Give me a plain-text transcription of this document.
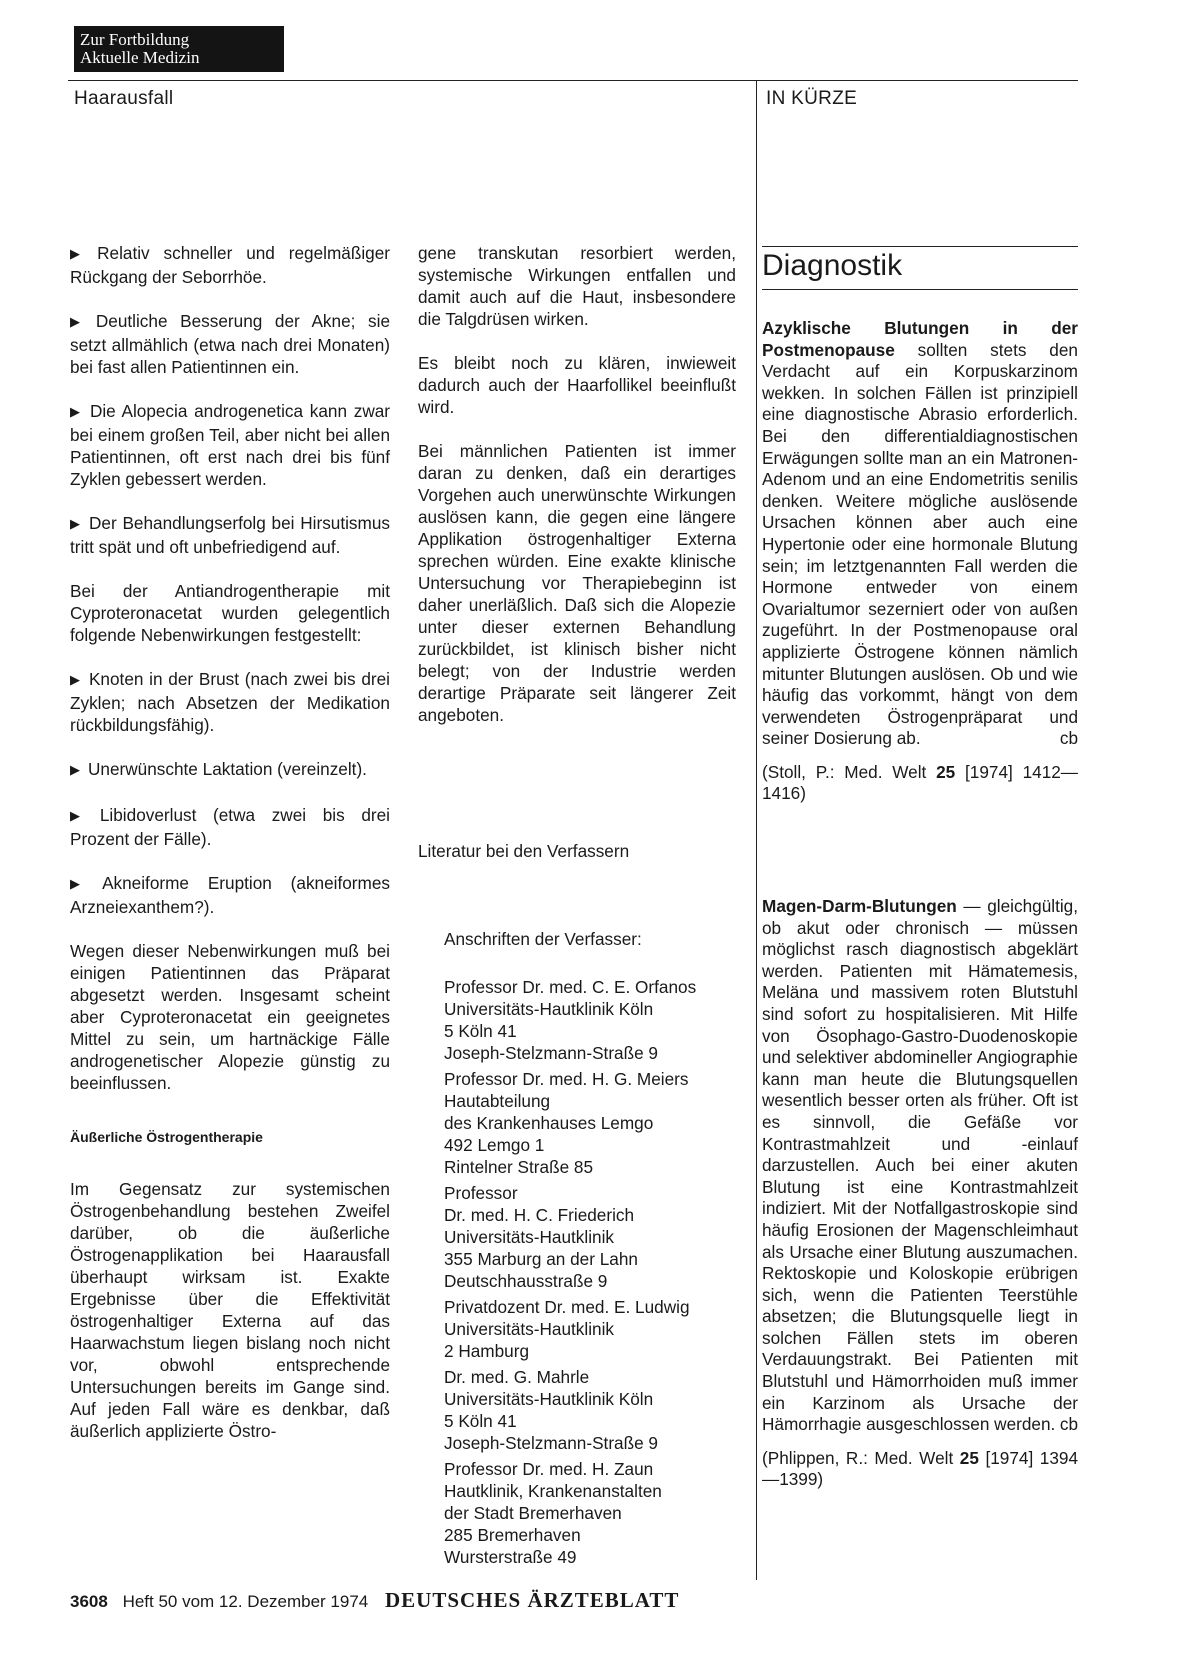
Zur Fortbildung
Aktuelle Medizin
Haarausfall	IN KÜRZE

▶ Relativ schneller und regelmäßiger Rückgang der Seborrhöe.

▶ Deutliche Besserung der Akne; sie setzt allmählich (etwa nach drei Monaten) bei fast allen Patientinnen ein.

▶ Die Alopecia androgenetica kann zwar bei einem großen Teil, aber nicht bei allen Patientinnen, oft erst nach drei bis fünf Zyklen gebessert werden.

▶ Der Behandlungserfolg bei Hirsutismus tritt spät und oft unbefriedigend auf.

Bei der Antiandrogentherapie mit Cyproteronacetat wurden gelegentlich folgende Nebenwirkungen festgestellt:

▶ Knoten in der Brust (nach zwei bis drei Zyklen; nach Absetzen der Medikation rückbildungsfähig).

▶ Unerwünschte Laktation (vereinzelt).

▶ Libidoverlust (etwa zwei bis drei Prozent der Fälle).

▶ Akneiforme Eruption (akneiformes Arzneiexanthem?).

Wegen dieser Nebenwirkungen muß bei einigen Patientinnen das Präparat abgesetzt werden. Insgesamt scheint aber Cyproteronacetat ein geeignetes Mittel zu sein, um hartnäckige Fälle androgenetischer Alopezie günstig zu beeinflussen.

Äußerliche Östrogentherapie

Im Gegensatz zur systemischen Östrogenbehandlung bestehen Zweifel darüber, ob die äußerliche Östrogenapplikation bei Haarausfall überhaupt wirksam ist. Exakte Ergebnisse über die Effektivität östrogenhaltiger Externa auf das Haarwachstum liegen bislang noch nicht vor, obwohl entsprechende Untersuchungen bereits im Gange sind. Auf jeden Fall wäre es denkbar, daß äußerlich applizierte Östro-

gene transkutan resorbiert werden, systemische Wirkungen entfallen und damit auch auf die Haut, insbesondere die Talgdrüsen wirken.

Es bleibt noch zu klären, inwieweit dadurch auch der Haarfollikel beeinflußt wird.

Bei männlichen Patienten ist immer daran zu denken, daß ein derartiges Vorgehen auch unerwünschte Wirkungen auslösen kann, die gegen eine längere Applikation östrogenhaltiger Externa sprechen würden. Eine exakte klinische Untersuchung vor Therapiebeginn ist daher unerläßlich. Daß sich die Alopezie unter dieser externen Behandlung zurückbildet, ist klinisch bisher nicht belegt; von der Industrie werden derartige Präparate seit längerer Zeit angeboten.

Literatur bei den Verfassern
Anschriften der Verfasser:
Professor Dr. med. C. E. Orfanos
Universitäts-Hautklinik Köln
5 Köln 41
Joseph-Stelzmann-Straße 9
Professor Dr. med. H. G. Meiers
Hautabteilung
des Krankenhauses Lemgo
492 Lemgo 1
Rintelner Straße 85
Professor
Dr. med. H. C. Friederich
Universitäts-Hautklinik
355 Marburg an der Lahn
Deutschhausstraße 9
Privatdozent Dr. med. E. Ludwig
Universitäts-Hautklinik
2 Hamburg
Dr. med. G. Mahrle
Universitäts-Hautklinik Köln
5 Köln 41
Joseph-Stelzmann-Straße 9
Professor Dr. med. H. Zaun
Hautklinik, Krankenanstalten
der Stadt Bremerhaven
285 Bremerhaven
Wursterstraße 49
Diagnostik

Azyklische Blutungen in der Postmenopause sollten stets den Verdacht auf ein Korpuskarzinom wekken. In solchen Fällen ist prinzipiell eine diagnostische Abrasio erforderlich. Bei den differentialdiagnostischen Erwägungen sollte man an ein Matronen-Adenom und an eine Endometritis senilis denken. Weitere mögliche auslösende Ursachen können aber auch eine Hypertonie oder eine hormonale Blutung sein; im letztgenannten Fall werden die Hormone entweder von einem Ovarialtumor sezerniert oder von außen zugeführt. In der Postmenopause oral applizierte Östrogene können nämlich mitunter Blutungen auslösen. Ob und wie häufig das vorkommt, hängt von dem verwendeten Östrogenpräparat und seiner Dosierung ab.	cb

(Stoll, P.: Med. Welt 25 [1974] 1412—1416)

Magen-Darm-Blutungen — gleichgültig, ob akut oder chronisch — müssen möglichst rasch diagnostisch abgeklärt werden. Patienten mit Hämatemesis, Meläna und massivem roten Blutstuhl sind sofort zu hospitalisieren. Mit Hilfe von Ösophago-Gastro-Duodenoskopie und selektiver abdomineller Angiographie kann man heute die Blutungsquellen wesentlich besser orten als früher. Oft ist es sinnvoll, die Gefäße vor Kontrastmahlzeit und -einlauf darzustellen. Auch bei einer akuten Blutung ist eine Kontrastmahlzeit indiziert. Mit der Notfallgastroskopie sind häufig Erosionen der Magenschleimhaut als Ursache einer Blutung auszumachen. Rektoskopie und Koloskopie erübrigen sich, wenn die Patienten Teerstühle absetzen; die Blutungsquelle liegt in solchen Fällen stets im oberen Verdauungstrakt. Bei Patienten mit Blutstuhl und Hämorrhoiden muß immer ein Karzinom als Ursache der Hämorrhagie ausgeschlossen werden. cb

(Phlippen, R.: Med. Welt 25 [1974] 1394—1399)

3608 Heft 50 vom 12. Dezember 1974 DEUTSCHES ÄRZTEBLATT
